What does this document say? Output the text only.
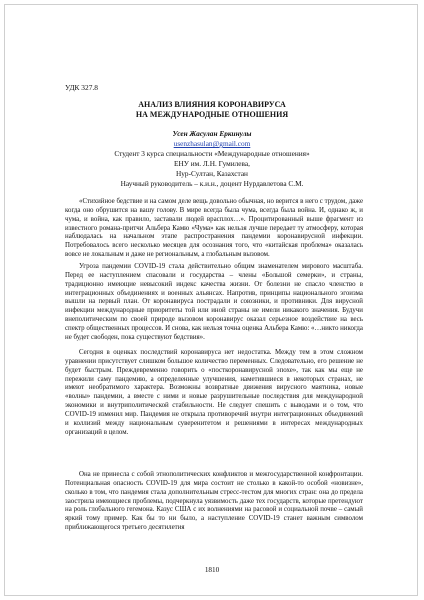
УДК 327.8
АНАЛИЗ ВЛИЯНИЯ КОРОНАВИРУСА
НА МЕЖДУНАРОДНЫЕ ОТНОШЕНИЯ
Усен Жасулан Еркинулы
usenzhasulan@gmail.com
Студент 3 курса специальности «Международные отношения»
ЕНУ им. Л.Н. Гумилева,
Нур-Султан, Казахстан
Научный руководитель – к.и.н., доцент Нурдавлетова С.М.

«Стихийное бедствие и на самом деле вещь довольно обычная, но верится в него с трудом, даже когда оно обрушится на вашу голову. В мире всегда была чума, всегда была война. И, однако ж, и чума, и война, как правило, заставали людей врасплох…». Процитированный выше фрагмент из известного романа-притчи Альбера Камю «Чума» как нельзя лучше передает ту атмосферу, которая наблюдалась на начальном этапе распространения пандемии коронавирусной инфекции. Потребовалось всего несколько месяцев для осознания того, что «китайская проблема» оказалась вовсе не локальным и даже не региональным, а глобальным вызовом.

Угроза пандемии COVID-19 стала действительно общим знаменателем мирового масштаба. Перед ее наступлением спасовали и государства – члены «Большой семерки», и страны, традиционно имеющие невысокий индекс качества жизни. От болезни не спасло членство в интеграционных объединениях и военных альянсах. Напротив, принципы национального эгоизма вышли на первый план. От коронавируса пострадали и союзники, и противники. Для вирусной инфекции международные приоритеты той или иной страны не имели никакого значения. Будучи внеполитическим по своей природе вызовом коронавирус оказал серьезное воздействие на весь спектр общественных процессов. И снова, как нельзя точна оценка Альбера Камю: «…никто никогда не будет свободен, пока существуют бедствия».

Сегодня в оценках последствий коронавируса нет недостатка. Между тем в этом сложном уравнении присутствует слишком большое количество переменных. Следовательно, его решение не будет быстрым. Преждевременно говорить о «посткоронавирусной эпохе», так как мы еще не пережили саму пандемию, а определенные улучшения, наметившиеся в некоторых странах, не имеют необратимого характера. Возможны возвратные движения вирусного маятника, новые «волны» пандемии, а вместе с ними и новые разрушительные последствия для международной экономики и внутриполитической стабильности. Не следует спешить с выводами и о том, что COVID-19 изменил мир. Пандемия не открыла противоречий внутри интеграционных объединений и коллизий между национальным суверенитетом и решениями в интересах международных организаций в целом.

Она не принесла с собой этнополитических конфликтов и межгосударственной конфронтации. Потенциальная опасность COVID-19 для мира состоит не столько в какой-то особой «новизне», сколько в том, что пандемия стала дополнительным стресс-тестом для многих стран: она до предела заострила имеющиеся проблемы, подчеркнула уязвимость даже тех государств, которые претендуют на роль глобального гегемона. Казус США с их волнениями на расовой и социальной почве – самый яркий тому пример. Как бы то ни было, а наступление COVID-19 станет важным символом приближающегося третьего десятилетия

1810
